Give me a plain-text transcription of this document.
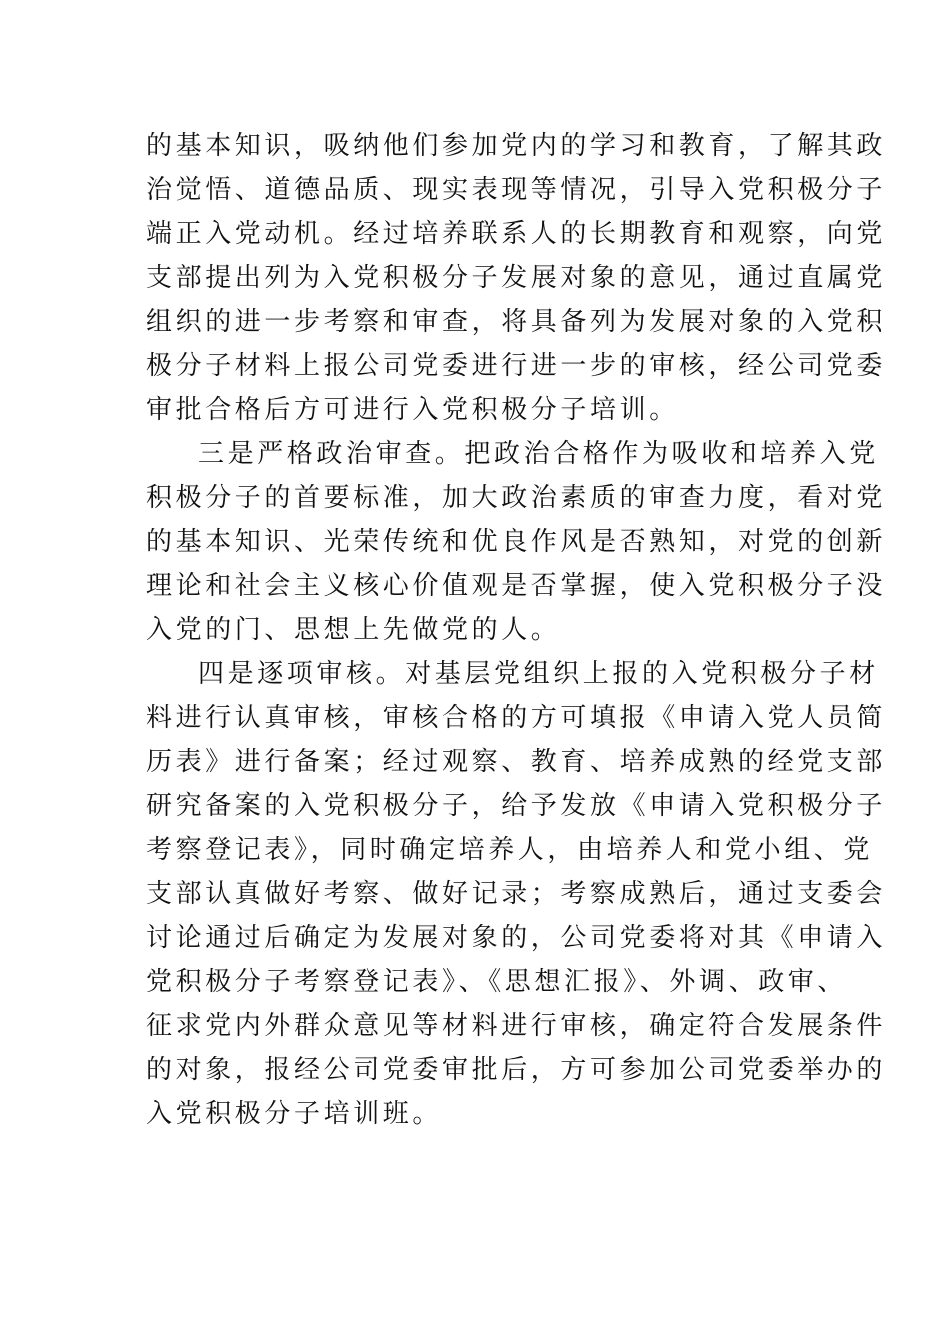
的基本知识，吸纳他们参加党内的学习和教育，了解其政
治觉悟、道德品质、现实表现等情况，引导入党积极分子
端正入党动机。经过培养联系人的长期教育和观察，向党
支部提出列为入党积极分子发展对象的意见，通过直属党
组织的进一步考察和审查，将具备列为发展对象的入党积
极分子材料上报公司党委进行进一步的审核，经公司党委
审批合格后方可进行入党积极分子培训。
三是严格政治审查。把政治合格作为吸收和培养入党
积极分子的首要标准，加大政治素质的审查力度，看对党
的基本知识、光荣传统和优良作风是否熟知，对党的创新
理论和社会主义核心价值观是否掌握，使入党积极分子没
入党的门、思想上先做党的人。
四是逐项审核。对基层党组织上报的入党积极分子材
料进行认真审核，审核合格的方可填报《申请入党人员简
历表》进行备案；经过观察、教育、培养成熟的经党支部
研究备案的入党积极分子，给予发放《申请入党积极分子
考察登记表》，同时确定培养人，由培养人和党小组、党
支部认真做好考察、做好记录；考察成熟后，通过支委会
讨论通过后确定为发展对象的，公司党委将对其《申请入
党积极分子考察登记表》、《思想汇报》、外调、政审、
征求党内外群众意见等材料进行审核，确定符合发展条件
的对象，报经公司党委审批后，方可参加公司党委举办的
入党积极分子培训班。
